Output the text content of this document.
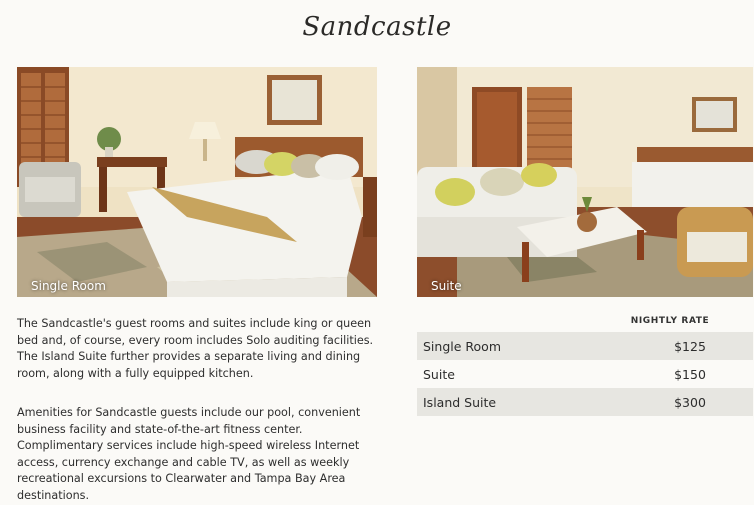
Sandcastle
Single Room	Suite
The Sandcastle's guest rooms and suites include king or queen bed and, of course, every room includes Solo auditing facilities. The Island Suite further provides a separate living and dining room, along with a fully equipped kitchen.
Amenities for Sandcastle guests include our pool, convenient business facility and state-of-the-art fitness center. Complimentary services include high-speed wireless Internet access, currency exchange and cable TV, as well as weekly recreational excursions to Clearwater and Tampa Bay Area destinations.
NIGHTLY RATE
Single Room	$125
Suite	$150
Island Suite	$300
